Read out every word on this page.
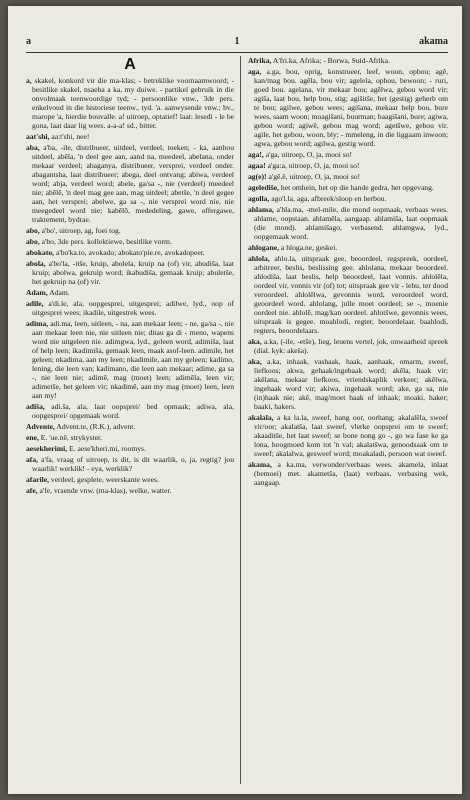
a	1	akama
A
a, skakel, konkord vir die ma-klas; - betreklike voornaamwoord; - besitlike skakel, nsaeba a ka, my duiwe. - partikel gebruik in die onvolmaak teenwoordige tyd; - persoonlike vnw., 3de pers. enkelvoud in die historiese teenw., tyd. 'a. aanwysende vnw.; bv., marope 'a, hierdie bouvalle. a! uitroep, optatief! laat: lesedi - le be gona, laat daar lig wees. a-a-a! sd., bitter.
aat'shi, aa:t'shi, nee!
aba, a'ba, -ile, distribueer, uitdeel, verdeel, toeken; - ka, aanhou uitdeel, abêla, 'n deel gee aan, aand na, meedeel, abelana, onder mekaar verdeel; abaganya, distribueer, versprei, verdeel onder. abagantsha, laat distribueer; abega, deel ontvang; abiwa, verdeel word; abja, verdeel word; abele, ga/sa -, nie (verdeel) meedeel nie; abêlê, 'n deel mag gee aan, mag uitdeel; abetše, 'n deel gegee aan, het versprei; abelwe, ga sa -, nie versprei word nie, nie meegedeel word nie; kabêlô, mededeling, gawe, offergawe, traktement, bydrae.
abo, a'bo', uitroep, ag, foei tog.
abo, a'bo, 3de pers. kollektiewe, besitlike vorm.
abokato, a'bo'ka.to, avokado; abokato'pie.re, avokadopeer.
abola, a'bo'la, -itše, kruip, abolela, kruip na (of) vir, abudiša, laat kruip; abolwa, gekruip word; ikabudiša, gemaak kruip; abuletše, het gekruip na (of) vir.
Adam, Adam.
adile, a'di.le, ala, oopgesprei, uitgesprei; adilwe, lyd., oop of uitgesprei wees; ikadile, uitgestrek wees.
adima, adi.ma, leen, uitleen, - na, aan mekaar leen; - ne, ga/sa -, nie aan mekaar leen nie, nie uitleen nie; ditau ga di - meno, wapens word nie uitgeleen nie. adimgwa, lyd., geleen word, adimiša, laat of help leen; ikadimiša, gemaak leen, maak asof-leen. adimile, het geleen; nkadima, aan my leen; nkadimile, aan my geleen; kadimo, lening, die leen van; kadimano, die leen aan mekaar; adime, ga sa -, nie leen nie; adimê, mag (moet) leen; adimêla, leen vir; adimetše, het geleen vir; nkadimê, aan my mag (moet) leen, leen aan my!
adiša, adi.ša, ala, laat oopsprei/ bed opmaak; adiwa, ala, oopgesprei/ opgemaak word.
Advente, Advent.te, (R.K.), advent.
ene, E. 'ue.nê, strykyster.
aesekherimi, E. aese'kheri.mi, roomys.
afa, a'fa, vraag of uitroep, is dit, is dit waarlik, o, ja, regtig? jou waarlik! werklik! - eya, werklik?
afarile, verdeel, gesplete, weerskante wees.
afe, a'fe, vraende vnw. (ma-klas), welke, watter.
Afrika, A'fri.ka, Afrika; - Borwa, Suid-Afrika.
aga, a.ga, bou, oprig, konstrueer, leef, woon, opbou; agê, kan/mag bou. agêla, bou vir; agelela, ophou, bewoon; - ruri, goed bou. agelana, vir mekaar bou; agêlwa, gebou word vir; agiša, laat bou, help bou, stig; agišitše, het (gestig) geherb om te bou; agilwe, gebou wees; agišana, mekaar help bou, bure wees, saam woon; moagišani, buurman; baagišani, bure; agiwa, gebou word; agiwê, gebou mag word; agetšwe, gebou vir. agile, het gebou, woon, bly; - mmeleng, in die liggaam inwoon; agwa, gebou word; agilwa, gestig word.
aga!, a'ga, uitroep, O, ja, mooi so!
agaa! a'ga:a, uitroep, O, ja, mooi so!
ag(e)! a'gê.ê, uitroep, O, ja, mooi so!
agelediše, het omhein, het op die hande gedra, het opgevang.
agolla, ago'l.la, aga, afbreek/sloop en herbou.
ahlama, a'hla.ma, -mel-mile, die mond oopmaak, verbaas wees. ahlame, oopstaan. ahlamêla, aangaap. ahlamiša, laat oopmaak (die mond). ahlamišago, verbasend. ahlamgwa, lyd., oopgemaak word.
ahlogane, a hloga.ne, geskei.
ahlola, ahlo.la, uitspraak gee, beoordeel, regspreek, oordeel, arbitreer, beslis, beslissing gee. ahlolana, mekaar beoordeel. ahlodiša, laat beslis, help beoordeel, laat vonnis. ahlolêla, oordeel vir, vonnis vir (of) tot; uitspraak gee vir - lehu, ter dood veroordeel. ahlolêlwa, gevonnis word, veroordeel word, geoordeel word. ahlolang, julle moet oordeel; se -, moenie oordeel nie. ahlolê, mag/kan oordeel. ahlotšwe, gevonnis wees, uitspraak is gegee. moahlodi, regter, beoordelaar. baahlodi, regters, beoordelaars.
aka, a.ka, (-ile, -etše), lieg, leuens vertel, jok, onwaarheid spreek (dial. kyk: akeša).
aka, a.ka, inhaak, vashaak, haak, aanhaak, omarm, sweef, liefkoos; akwa, gehaak/ingehaak word; akêla, haak vir; akêlana, mekaar liefkoos, vriendskaplik verkeer; akêlwa, ingehaak word vir; akiwa, ingehaak word; ake, ga sa, nie (in)haak nie; akê, mag/moet haak of inhaak; moaki, haker; baaki, hakers.
akalala, a ka la.la, sweef, hang oor, oorhang; akalalêla, sweef vir/oor; akalatša, laat sweef, vlerke oopsprei om te sweef; akaaditše, het laat sweef; se bone nong go -, go wa fase ke ga lona, hoogmoed kom tot 'n val; akalatšwa, genoodsaak om te sweef; akalalwa, gesweef word; moakaladi, persoon wat sweef.
akama, a ka.ma, verwonder/verbaas wees. akamela, inlaat (bemoei) met. akametša, (laat) verbaas, verbasing wek, aangaap.
